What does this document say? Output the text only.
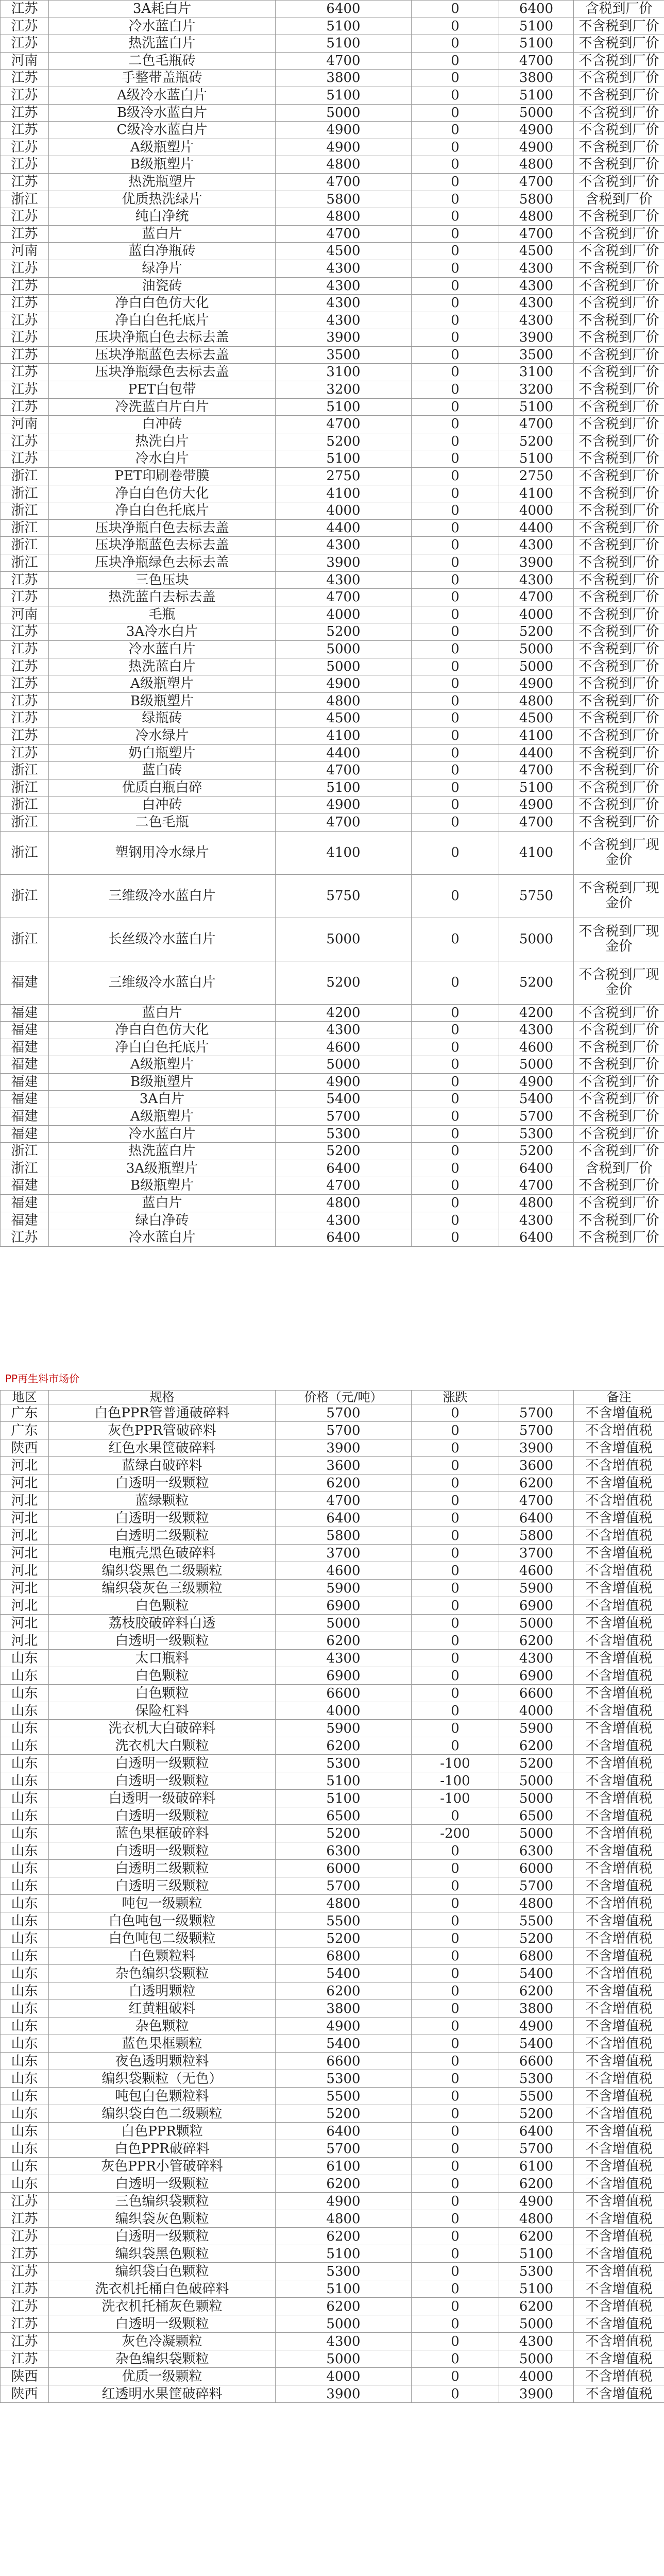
江苏	3A耗白片	6400	0	6400	含税到厂价
江苏	冷水蓝白片	5100	0	5100	不含税到厂价
江苏	热洗蓝白片	5100	0	5100	不含税到厂价
河南	二色毛瓶砖	4700	0	4700	不含税到厂价
江苏	手整带盖瓶砖	3800	0	3800	不含税到厂价
江苏	A级冷水蓝白片	5100	0	5100	不含税到厂价
江苏	B级冷水蓝白片	5000	0	5000	不含税到厂价
江苏	C级冷水蓝白片	4900	0	4900	不含税到厂价
江苏	A级瓶塑片	4900	0	4900	不含税到厂价
江苏	B级瓶塑片	4800	0	4800	不含税到厂价
江苏	热洗瓶塑片	4700	0	4700	不含税到厂价
浙江	优质热洗绿片	5800	0	5800	含税到厂价
江苏	纯白净统	4800	0	4800	不含税到厂价
江苏	蓝白片	4700	0	4700	不含税到厂价
河南	蓝白净瓶砖	4500	0	4500	不含税到厂价
江苏	绿净片	4300	0	4300	不含税到厂价
江苏	油瓷砖	4300	0	4300	不含税到厂价
江苏	净白白色仿大化	4300	0	4300	不含税到厂价
江苏	净白白色托底片	4300	0	4300	不含税到厂价
江苏	压块净瓶白色去标去盖	3900	0	3900	不含税到厂价
江苏	压块净瓶蓝色去标去盖	3500	0	3500	不含税到厂价
江苏	压块净瓶绿色去标去盖	3100	0	3100	不含税到厂价
江苏	PET白包带	3200	0	3200	不含税到厂价
江苏	冷洗蓝白片白片	5100	0	5100	不含税到厂价
河南	白冲砖	4700	0	4700	不含税到厂价
江苏	热洗白片	5200	0	5200	不含税到厂价
江苏	冷水白片	5100	0	5100	不含税到厂价
浙江	PET印刷卷带膜	2750	0	2750	不含税到厂价
浙江	净白白色仿大化	4100	0	4100	不含税到厂价
浙江	净白白色托底片	4000	0	4000	不含税到厂价
浙江	压块净瓶白色去标去盖	4400	0	4400	不含税到厂价
浙江	压块净瓶蓝色去标去盖	4300	0	4300	不含税到厂价
浙江	压块净瓶绿色去标去盖	3900	0	3900	不含税到厂价
江苏	三色压块	4300	0	4300	不含税到厂价
江苏	热洗蓝白去标去盖	4700	0	4700	不含税到厂价
河南	毛瓶	4000	0	4000	不含税到厂价
江苏	3A冷水白片	5200	0	5200	不含税到厂价
江苏	冷水蓝白片	5000	0	5000	不含税到厂价
江苏	热洗蓝白片	5000	0	5000	不含税到厂价
江苏	A级瓶塑片	4900	0	4900	不含税到厂价
江苏	B级瓶塑片	4800	0	4800	不含税到厂价
江苏	绿瓶砖	4500	0	4500	不含税到厂价
江苏	冷水绿片	4100	0	4100	不含税到厂价
江苏	奶白瓶塑片	4400	0	4400	不含税到厂价
浙江	蓝白砖	4700	0	4700	不含税到厂价
浙江	优质白瓶白碎	5100	0	5100	不含税到厂价
浙江	白冲砖	4900	0	4900	不含税到厂价
浙江	二色毛瓶	4700	0	4700	不含税到厂价
浙江	塑钢用冷水绿片	4100	0	4100	不含税到厂现金价
浙江	三维级冷水蓝白片	5750	0	5750	不含税到厂现金价
浙江	长丝级冷水蓝白片	5000	0	5000	不含税到厂现金价
福建	三维级冷水蓝白片	5200	0	5200	不含税到厂现金价
福建	蓝白片	4200	0	4200	不含税到厂价
福建	净白白色仿大化	4300	0	4300	不含税到厂价
福建	净白白色托底片	4600	0	4600	不含税到厂价
福建	A级瓶塑片	5000	0	5000	不含税到厂价
福建	B级瓶塑片	4900	0	4900	不含税到厂价
福建	3A白片	5400	0	5400	不含税到厂价
福建	A级瓶塑片	5700	0	5700	不含税到厂价
福建	冷水蓝白片	5300	0	5300	不含税到厂价
浙江	热洗蓝白片	5200	0	5200	不含税到厂价
浙江	3A级瓶塑片	6400	0	6400	含税到厂价
福建	B级瓶塑片	4700	0	4700	不含税到厂价
福建	蓝白片	4800	0	4800	不含税到厂价
福建	绿白净砖	4300	0	4300	不含税到厂价
江苏	冷水蓝白片	6400	0	6400	不含税到厂价
PP再生料市场价
地区	规格	价格（元/吨）	涨跌		备注
广东	白色PPR管普通破碎料	5700	0	5700	不含增值税
广东	灰色PPR管破碎料	5700	0	5700	不含增值税
陕西	红色水果筐破碎料	3900	0	3900	不含增值税
河北	蓝绿白破碎料	3600	0	3600	不含增值税
河北	白透明一级颗粒	6200	0	6200	不含增值税
河北	蓝绿颗粒	4700	0	4700	不含增值税
河北	白透明一级颗粒	6400	0	6400	不含增值税
河北	白透明二级颗粒	5800	0	5800	不含增值税
河北	电瓶壳黑色破碎料	3700	0	3700	不含增值税
河北	编织袋黑色二级颗粒	4600	0	4600	不含增值税
河北	编织袋灰色三级颗粒	5900	0	5900	不含增值税
河北	白色颗粒	6900	0	6900	不含增值税
河北	荔枝胶破碎料白透	5000	0	5000	不含增值税
河北	白透明一级颗粒	6200	0	6200	不含增值税
山东	太口瓶料	4300	0	4300	不含增值税
山东	白色颗粒	6900	0	6900	不含增值税
山东	白色颗粒	6600	0	6600	不含增值税
山东	保险杠料	4000	0	4000	不含增值税
山东	洗衣机大白破碎料	5900	0	5900	不含增值税
山东	洗衣机大白颗粒	6200	0	6200	不含增值税
山东	白透明一级颗粒	5300	-100	5200	不含增值税
山东	白透明一级颗粒	5100	-100	5000	不含增值税
山东	白透明一级破碎料	5100	-100	5000	不含增值税
山东	白透明一级颗粒	6500	0	6500	不含增值税
山东	蓝色果框破碎料	5200	-200	5000	不含增值税
山东	白透明一级颗粒	6300	0	6300	不含增值税
山东	白透明二级颗粒	6000	0	6000	不含增值税
山东	白透明三级颗粒	5700	0	5700	不含增值税
山东	吨包一级颗粒	4800	0	4800	不含增值税
山东	白色吨包一级颗粒	5500	0	5500	不含增值税
山东	白色吨包二级颗粒	5200	0	5200	不含增值税
山东	白色颗粒料	6800	0	6800	不含增值税
山东	杂色编织袋颗粒	5400	0	5400	不含增值税
山东	白透明颗粒	6200	0	6200	不含增值税
山东	红黄粗破料	3800	0	3800	不含增值税
山东	杂色颗粒	4900	0	4900	不含增值税
山东	蓝色果框颗粒	5400	0	5400	不含增值税
山东	夜色透明颗粒料	6600	0	6600	不含增值税
山东	编织袋颗粒（无色）	5300	0	5300	不含增值税
山东	吨包白色颗粒料	5500	0	5500	不含增值税
山东	编织袋白色二级颗粒	5200	0	5200	不含增值税
山东	白色PPR颗粒	6400	0	6400	不含增值税
山东	白色PPR破碎料	5700	0	5700	不含增值税
山东	灰色PPR小管破碎料	6100	0	6100	不含增值税
山东	白透明一级颗粒	6200	0	6200	不含增值税
江苏	三色编织袋颗粒	4900	0	4900	不含增值税
江苏	编织袋灰色颗粒	4800	0	4800	不含增值税
江苏	白透明一级颗粒	6200	0	6200	不含增值税
江苏	编织袋黑色颗粒	5100	0	5100	不含增值税
江苏	编织袋白色颗粒	5300	0	5300	不含增值税
江苏	洗衣机托桶白色破碎料	5100	0	5100	不含增值税
江苏	洗衣机托桶灰色颗粒	6200	0	6200	不含增值税
江苏	白透明一级颗粒	5000	0	5000	不含增值税
江苏	灰色冷凝颗粒	4300	0	4300	不含增值税
江苏	杂色编织袋颗粒	5000	0	5000	不含增值税
陕西	优质一级颗粒	4000	0	4000	不含增值税
陕西	红透明水果筐破碎料	3900	0	3900	不含增值税
